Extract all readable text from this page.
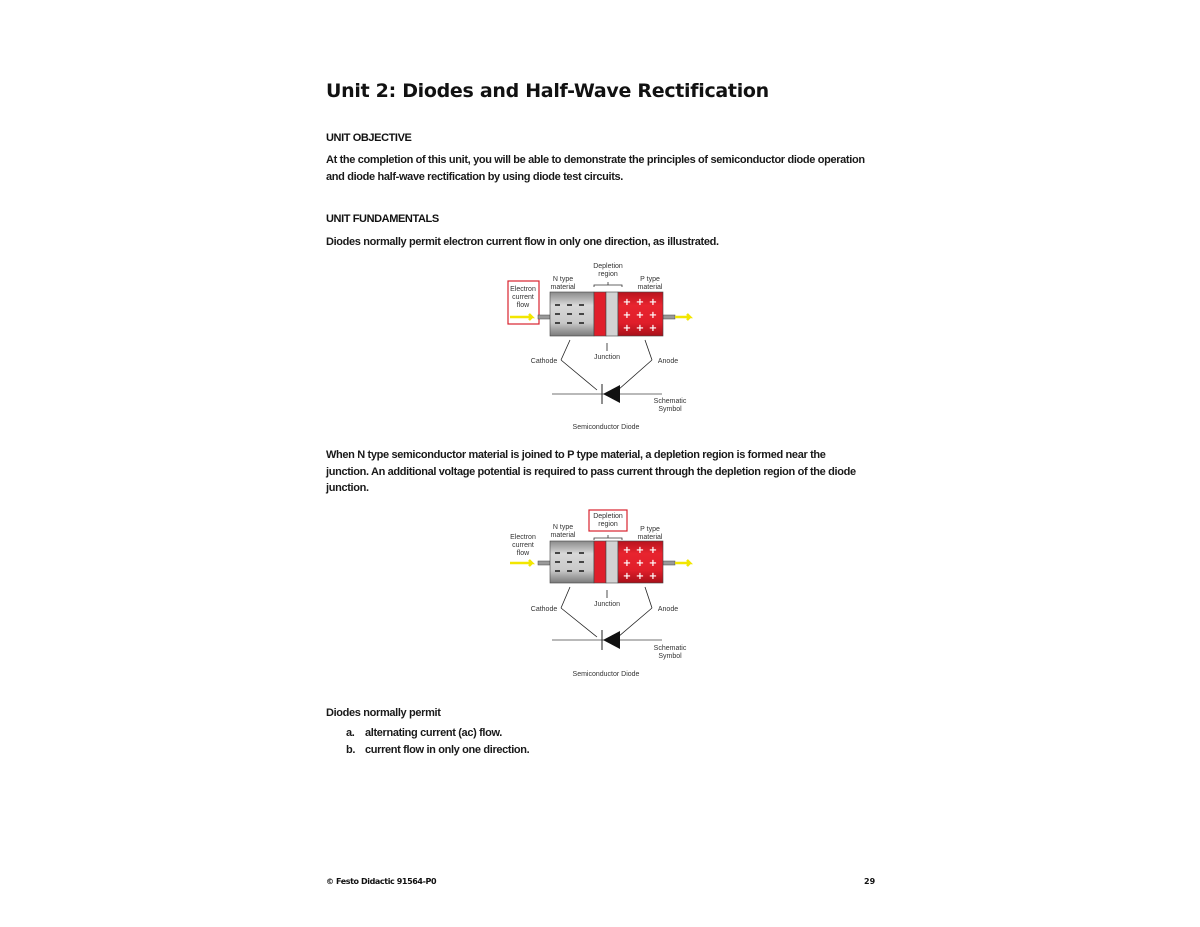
Unit 2: Diodes and Half-Wave Rectification
UNIT OBJECTIVE
At the completion of this unit, you will be able to demonstrate the principles of semiconductor diode operation and diode half-wave rectification by using diode test circuits.
UNIT FUNDAMENTALS
Diodes normally permit electron current flow in only one direction, as illustrated.
Depletion
region
N type
material
P type
material
Electron
current
flow	+ + +
+ + +
+ + +
Junction
Cathode	Anode
Schematic
Symbol
Semiconductor Diode
When N type semiconductor material is joined to P type material, a depletion region is formed near the junction. An additional voltage potential is required to pass current through the depletion region of the diode junction.
Depletion
region
N type
material
P type
material
Electron
current
flow	+ + +
+ + +
+ + +
Junction
Cathode	Anode
Schematic
Symbol
Semiconductor Diode
Diodes normally permit
a. alternating current (ac) flow.
b. current flow in only one direction.
© Festo Didactic 91564-P0	29
